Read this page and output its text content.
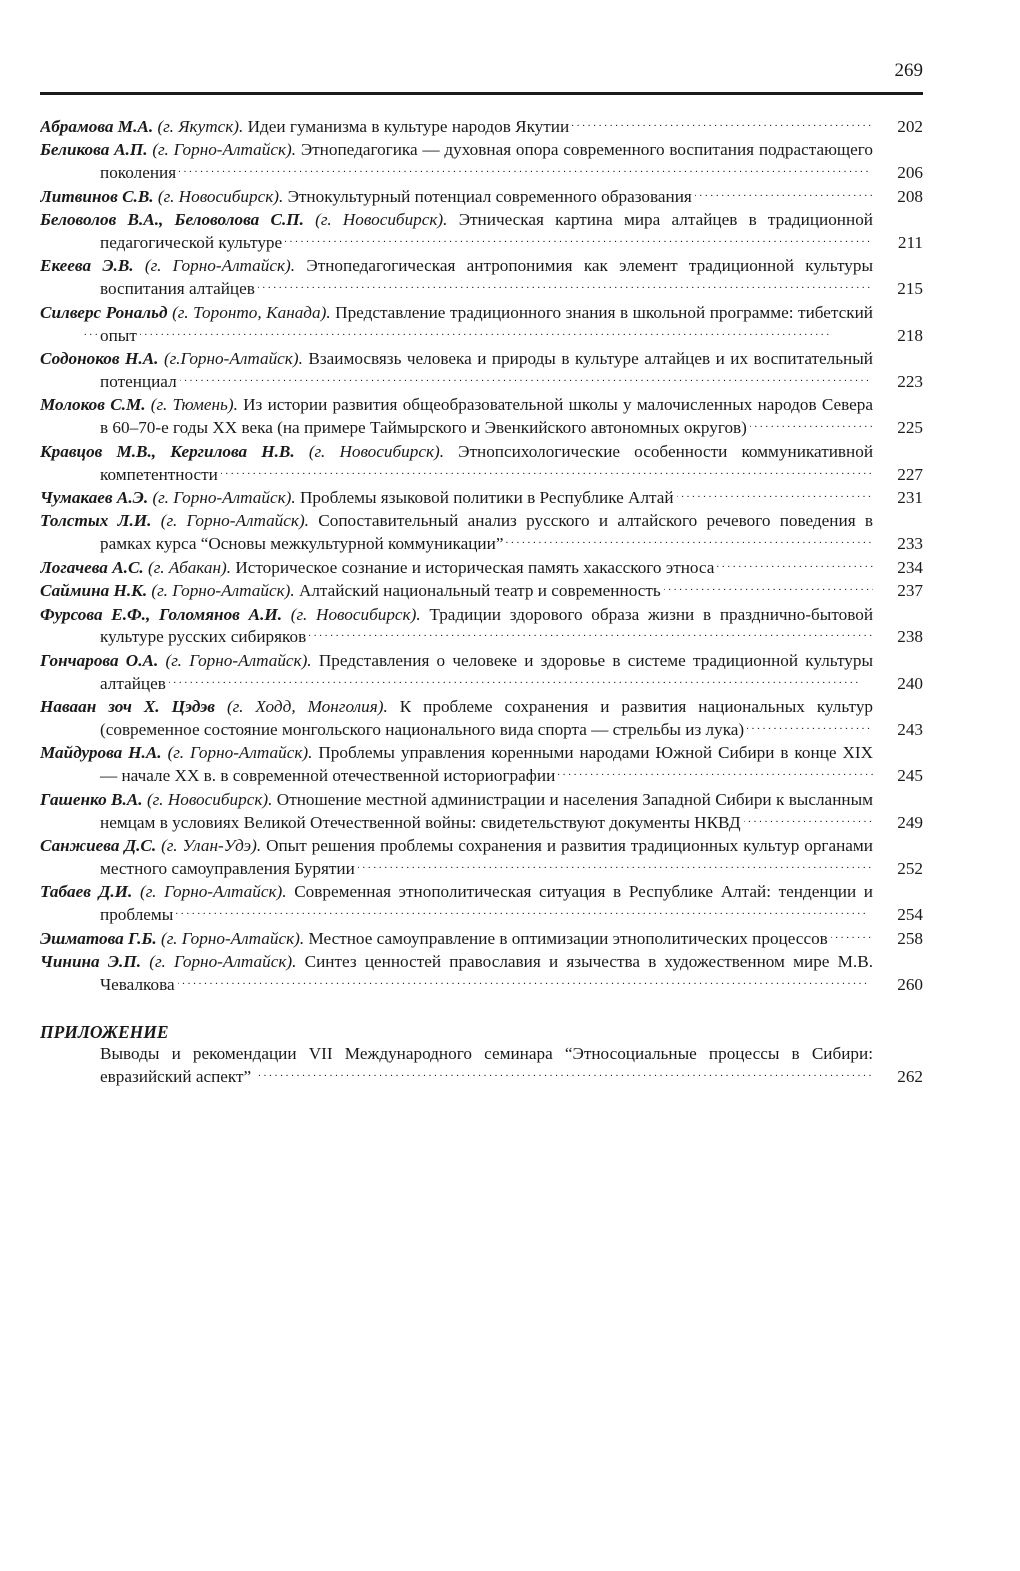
269
Абрамова М.А. (г. Якутск). Идеи гуманизма в культуре народов Якутии . . .	202
Беликова А.П. (г. Горно-Алтайск). Этнопедагогика — духовная опора современного воспитания подрастающего поколения . . .	206
Литвинов С.В. (г. Новосибирск). Этнокультурный потенциал современного образования . . .	208
Беловолов В.А., Беловолова С.П. (г. Новосибирск). Этническая картина мира алтайцев в традиционной педагогической культуре . . .	211
Екеева Э.В. (г. Горно-Алтайск). Этнопедагогическая антропонимия как элемент традиционной культуры воспитания алтайцев . . .	215
Силверс Рональд (г. Торонто, Канада). Представление традиционного знания в школьной программе: тибетский опыт . . .	218
Содоноков Н.А. (г.Горно-Алтайск). Взаимосвязь человека и природы в культуре алтайцев и их воспитательный потенциал . . .	223
Молоков С.М. (г. Тюмень). Из истории развития общеобразовательной школы у малочисленных народов Севера в 60–70-е годы ХХ века (на примере Таймырского и Эвенкийского автономных округов) . . .	225
Кравцов М.В., Кергилова Н.В. (г. Новосибирск). Этнопсихологические особенности коммуникативной компетентности . . .	227
Чумакаев А.Э. (г. Горно-Алтайск). Проблемы языковой политики в Республике Алтай . . .	231
Толстых Л.И. (г. Горно-Алтайск). Сопоставительный анализ русского и алтайского речевого поведения в рамках курса “Основы межкультурной коммуникации” . . .	233
Логачева А.С. (г. Абакан). Историческое сознание и историческая память хакасского этноса . . .	234
Саймина Н.К. (г. Горно-Алтайск). Алтайский национальный театр и современность . . .	237
Фурсова Е.Ф., Голомянов А.И. (г. Новосибирск). Традиции здорового образа жизни в празднично-бытовой культуре русских сибиряков . . .	238
Гончарова О.А. (г. Горно-Алтайск). Представления о человеке и здоровье в системе традиционной культуры алтайцев . . .	240
Наваан зоч Х. Цэдэв (г. Ходд, Монголия). К проблеме сохранения и развития национальных культур (современное состояние монгольского национального вида спорта — стрельбы из лука) . . .	243
Майдурова Н.А. (г. Горно-Алтайск). Проблемы управления коренными народами Южной Сибири в конце XIX — начале ХХ в. в современной отечественной историографии . . .	245
Гашенко В.А. (г. Новосибирск). Отношение местной администрации и населения Западной Сибири к высланным немцам в условиях Великой Отечественной войны: свидетельствуют документы НКВД . . .	249
Санжиева Д.С. (г. Улан-Удэ). Опыт решения проблемы сохранения и развития традиционных культур органами местного самоуправления Бурятии . . .	252
Табаев Д.И. (г. Горно-Алтайск). Современная этнополитическая ситуация в Республике Алтай: тенденции и проблемы . . .	254
Эшматова Г.Б. (г. Горно-Алтайск). Местное самоуправление в оптимизации этнополитических процессов . . .	258
Чинина Э.П. (г. Горно-Алтайск). Синтез ценностей православия и язычества в художественном мире М.В. Чевалкова . . .	260
ПРИЛОЖЕНИЕ
Выводы и рекомендации VII Международного семинара “Этносоциальные процессы в Сибири: евразийский аспект” . . .	262
